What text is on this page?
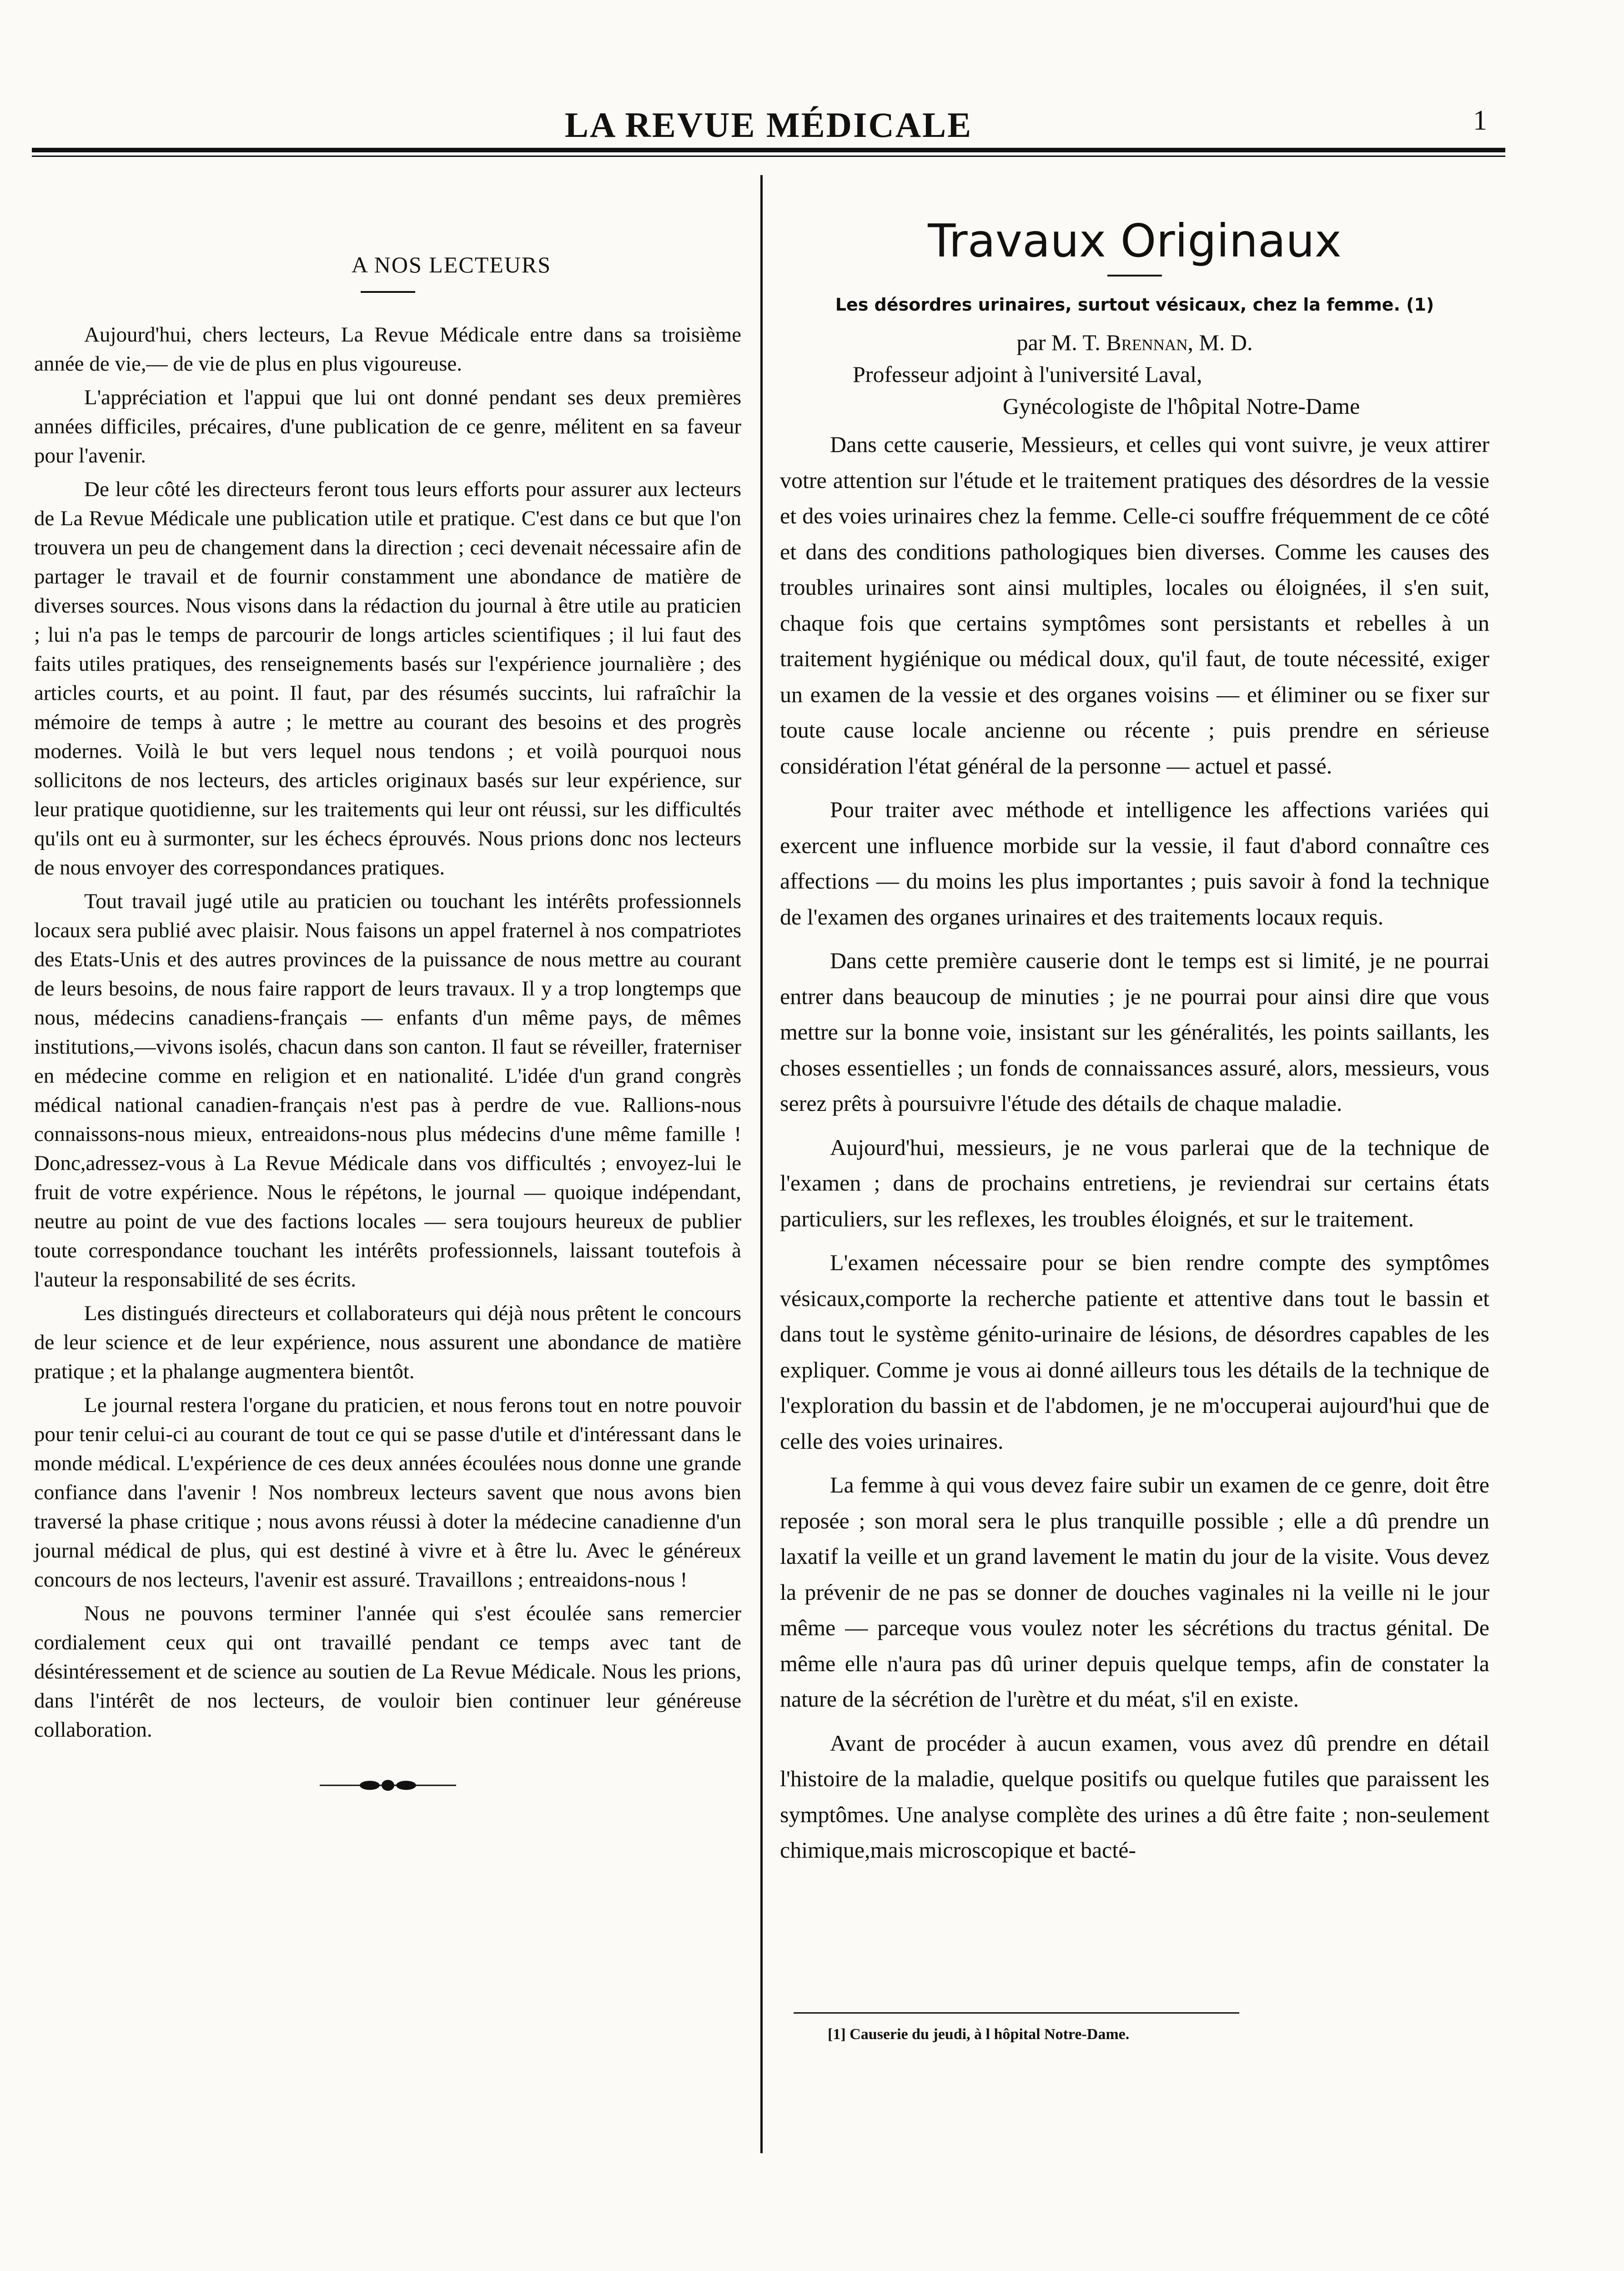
LA REVUE MÉDICALE	1
A NOS LECTEURS

Aujourd'hui, chers lecteurs, La Revue Médicale entre dans sa troisième année de vie,— de vie de plus en plus vigoureuse.

L'appréciation et l'appui que lui ont donné pendant ses deux premières années difficiles, précaires, d'une publication de ce genre, mélitent en sa faveur pour l'avenir.

De leur côté les directeurs feront tous leurs efforts pour assurer aux lecteurs de La Revue Médicale une publication utile et pratique. C'est dans ce but que l'on trouvera un peu de changement dans la direction ; ceci devenait nécessaire afin de partager le travail et de fournir constamment une abondance de matière de diverses sources. Nous visons dans la rédaction du journal à être utile au praticien ; lui n'a pas le temps de parcourir de longs articles scientifiques ; il lui faut des faits utiles pratiques, des renseignements basés sur l'expérience journalière ; des articles courts, et au point. Il faut, par des résumés succints, lui rafraîchir la mémoire de temps à autre ; le mettre au courant des besoins et des progrès modernes. Voilà le but vers lequel nous tendons ; et voilà pourquoi nous sollicitons de nos lecteurs, des articles originaux basés sur leur expérience, sur leur pratique quotidienne, sur les traitements qui leur ont réussi, sur les difficultés qu'ils ont eu à surmonter, sur les échecs éprouvés. Nous prions donc nos lecteurs de nous envoyer des correspondances pratiques.

Tout travail jugé utile au praticien ou touchant les intérêts professionnels locaux sera publié avec plaisir. Nous faisons un appel fraternel à nos compatriotes des Etats-Unis et des autres provinces de la puissance de nous mettre au courant de leurs besoins, de nous faire rapport de leurs travaux. Il y a trop longtemps que nous, médecins canadiens-français — enfants d'un même pays, de mêmes institutions,—vivons isolés, chacun dans son canton. Il faut se réveiller, fraterniser en médecine comme en religion et en nationalité. L'idée d'un grand congrès médical national canadien-français n'est pas à perdre de vue. Rallions-nous connaissons-nous mieux, entreaidons-nous plus médecins d'une même famille ! Donc,adressez-vous à La Revue Médicale dans vos difficultés ; envoyez-lui le fruit de votre expérience. Nous le répétons, le journal — quoique indépendant, neutre au point de vue des factions locales — sera toujours heureux de publier toute correspondance touchant les intérêts professionnels, laissant toutefois à l'auteur la responsabilité de ses écrits.

Les distingués directeurs et collaborateurs qui déjà nous prêtent le concours de leur science et de leur expérience, nous assurent une abondance de matière pratique ; et la phalange augmentera bientôt.

Le journal restera l'organe du praticien, et nous ferons tout en notre pouvoir pour tenir celui-ci au courant de tout ce qui se passe d'utile et d'intéressant dans le monde médical. L'expérience de ces deux années écoulées nous donne une grande confiance dans l'avenir ! Nos nombreux lecteurs savent que nous avons bien traversé la phase critique ; nous avons réussi à doter la médecine canadienne d'un journal médical de plus, qui est destiné à vivre et à être lu. Avec le généreux concours de nos lecteurs, l'avenir est assuré. Travaillons ; entreaidons-nous !

Nous ne pouvons terminer l'année qui s'est écoulée sans remercier cordialement ceux qui ont travaillé pendant ce temps avec tant de désintéressement et de science au soutien de La Revue Médicale. Nous les prions, dans l'intérêt de nos lecteurs, de vouloir bien continuer leur généreuse collaboration.

Travaux Originaux

Les désordres urinaires, surtout vésicaux, chez la femme. (1)

par M. T. Brennan, M. D.

Professeur adjoint à l'université Laval,
Gynécologiste de l'hôpital Notre-Dame

Dans cette causerie, Messieurs, et celles qui vont suivre, je veux attirer votre attention sur l'étude et le traitement pratiques des désordres de la vessie et des voies urinaires chez la femme. Celle-ci souffre fréquemment de ce côté et dans des conditions pathologiques bien diverses. Comme les causes des troubles urinaires sont ainsi multiples, locales ou éloignées, il s'en suit, chaque fois que certains symptômes sont persistants et rebelles à un traitement hygiénique ou médical doux, qu'il faut, de toute nécessité, exiger un examen de la vessie et des organes voisins — et éliminer ou se fixer sur toute cause locale ancienne ou récente ; puis prendre en sérieuse considération l'état général de la personne — actuel et passé.

Pour traiter avec méthode et intelligence les affections variées qui exercent une influence morbide sur la vessie, il faut d'abord connaître ces affections — du moins les plus importantes ; puis savoir à fond la technique de l'examen des organes urinaires et des traitements locaux requis.

Dans cette première causerie dont le temps est si limité, je ne pourrai entrer dans beaucoup de minuties ; je ne pourrai pour ainsi dire que vous mettre sur la bonne voie, insistant sur les généralités, les points saillants, les choses essentielles ; un fonds de connaissances assuré, alors, messieurs, vous serez prêts à poursuivre l'étude des détails de chaque maladie.

Aujourd'hui, messieurs, je ne vous parlerai que de la technique de l'examen ; dans de prochains entretiens, je reviendrai sur certains états particuliers, sur les reflexes, les troubles éloignés, et sur le traitement.

L'examen nécessaire pour se bien rendre compte des symptômes vésicaux,comporte la recherche patiente et attentive dans tout le bassin et dans tout le système génito-urinaire de lésions, de désordres capables de les expliquer. Comme je vous ai donné ailleurs tous les détails de la technique de l'exploration du bassin et de l'abdomen, je ne m'occuperai aujourd'hui que de celle des voies urinaires.

La femme à qui vous devez faire subir un examen de ce genre, doit être reposée ; son moral sera le plus tranquille possible ; elle a dû prendre un laxatif la veille et un grand lavement le matin du jour de la visite. Vous devez la prévenir de ne pas se donner de douches vaginales ni la veille ni le jour même — parceque vous voulez noter les sécrétions du tractus génital. De même elle n'aura pas dû uriner depuis quelque temps, afin de constater la nature de la sécrétion de l'urètre et du méat, s'il en existe.

Avant de procéder à aucun examen, vous avez dû prendre en détail l'histoire de la maladie, quelque positifs ou quelque futiles que paraissent les symptômes. Une analyse complète des urines a dû être faite ; non-seulement chimique,mais microscopique et bacté-

[1] Causerie du jeudi, à l hôpital Notre-Dame.
